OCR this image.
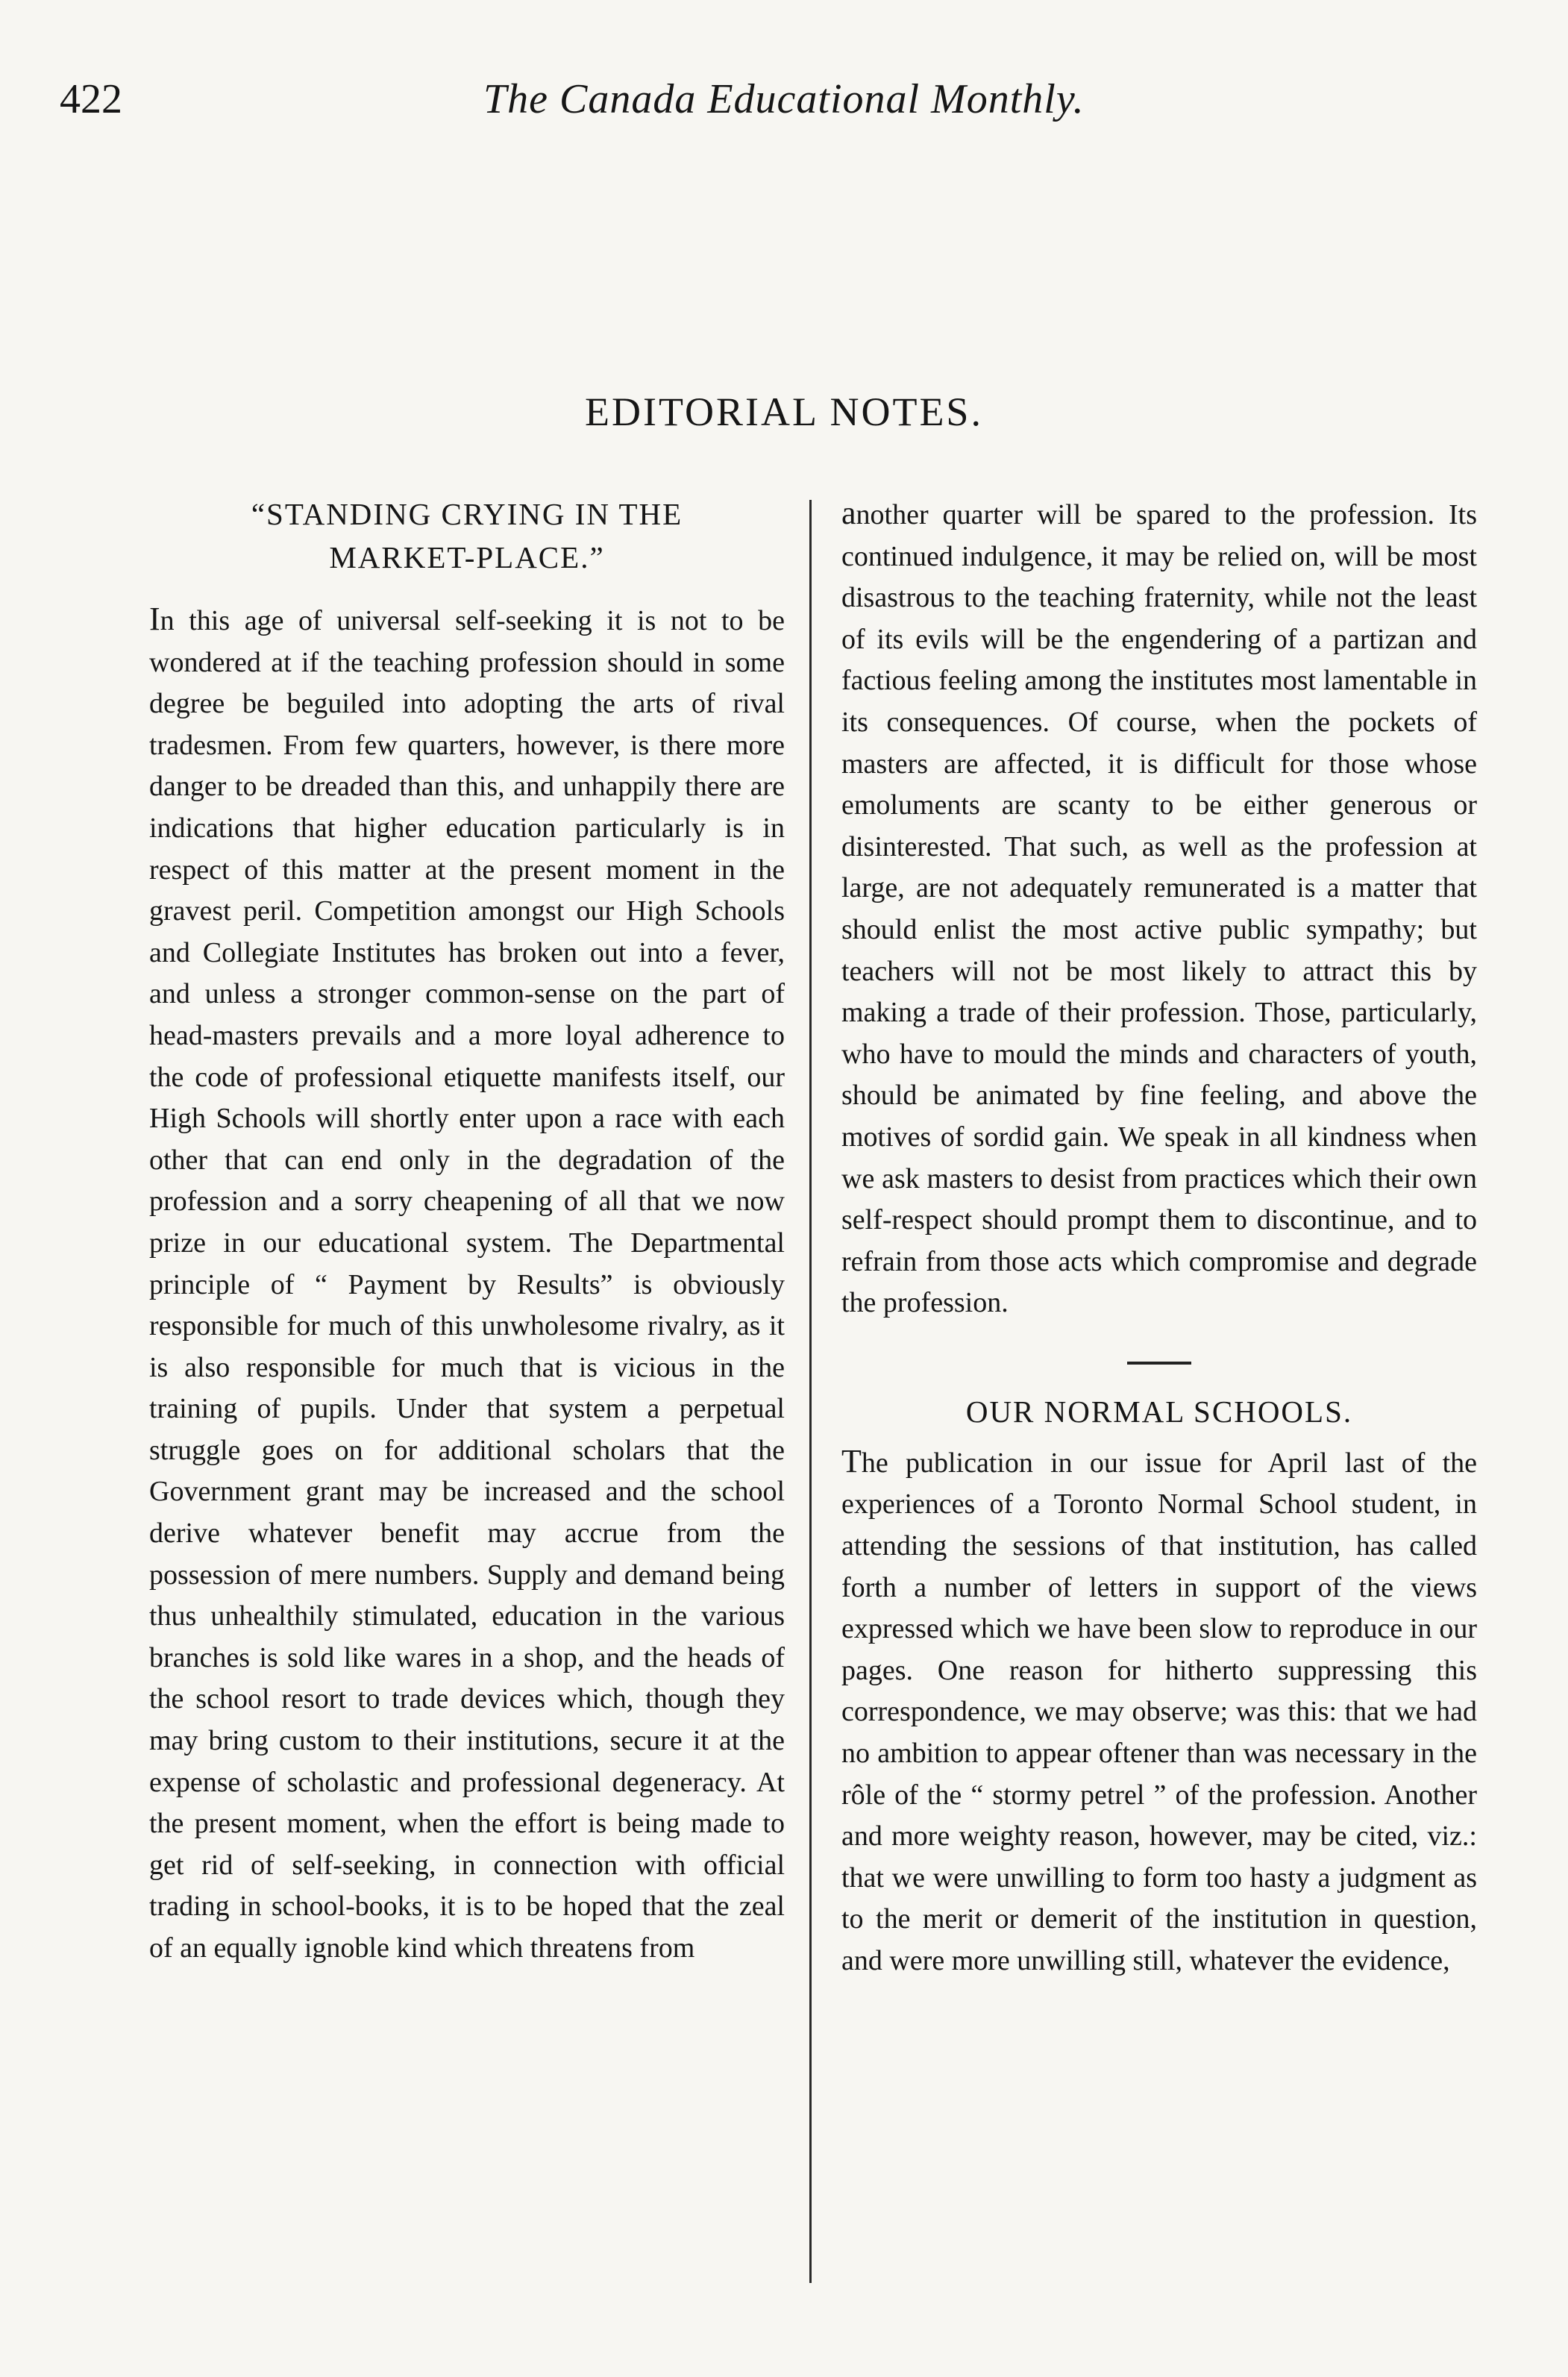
422	The Canada Educational Monthly.
EDITORIAL NOTES.
“STANDING CRYING IN THE MARKET-PLACE.”

In this age of universal self-seeking it is not to be wondered at if the teaching profession should in some degree be beguiled into adopting the arts of rival tradesmen. From few quarters, however, is there more danger to be dreaded than this, and unhappily there are indications that higher education particularly is in respect of this matter at the present moment in the gravest peril. Competition amongst our High Schools and Collegiate Institutes has broken out into a fever, and unless a stronger common-sense on the part of head-masters prevails and a more loyal adherence to the code of professional etiquette manifests itself, our High Schools will shortly enter upon a race with each other that can end only in the degradation of the profession and a sorry cheapening of all that we now prize in our educational system. The Departmental principle of “ Payment by Results” is obviously responsible for much of this unwholesome rivalry, as it is also responsible for much that is vicious in the training of pupils. Under that system a perpetual struggle goes on for additional scholars that the Government grant may be increased and the school derive whatever benefit may accrue from the possession of mere numbers. Supply and demand being thus unhealthily stimulated, education in the various branches is sold like wares in a shop, and the heads of the school resort to trade devices which, though they may bring custom to their institutions, secure it at the expense of scholastic and professional degeneracy. At the present moment, when the effort is being made to get rid of self-seeking, in connection with official trading in school-books, it is to be hoped that the zeal of an equally ignoble kind which threatens from

another quarter will be spared to the profession. Its continued indulgence, it may be relied on, will be most disastrous to the teaching fraternity, while not the least of its evils will be the engendering of a partizan and factious feeling among the institutes most lamentable in its consequences. Of course, when the pockets of masters are affected, it is difficult for those whose emoluments are scanty to be either generous or disinterested. That such, as well as the profession at large, are not adequately remunerated is a matter that should enlist the most active public sympathy; but teachers will not be most likely to attract this by making a trade of their profession. Those, particularly, who have to mould the minds and characters of youth, should be animated by fine feeling, and above the motives of sordid gain. We speak in all kindness when we ask masters to desist from practices which their own self-respect should prompt them to discontinue, and to refrain from those acts which compromise and degrade the profession.

OUR NORMAL SCHOOLS.

The publication in our issue for April last of the experiences of a Toronto Normal School student, in attending the sessions of that institution, has called forth a number of letters in support of the views expressed which we have been slow to reproduce in our pages. One reason for hitherto suppressing this correspondence, we may observe; was this: that we had no ambition to appear oftener than was necessary in the rôle of the “ stormy petrel ” of the profession. Another and more weighty reason, however, may be cited, viz.: that we were unwilling to form too hasty a judgment as to the merit or demerit of the institution in question, and were more unwilling still, whatever the evidence,
